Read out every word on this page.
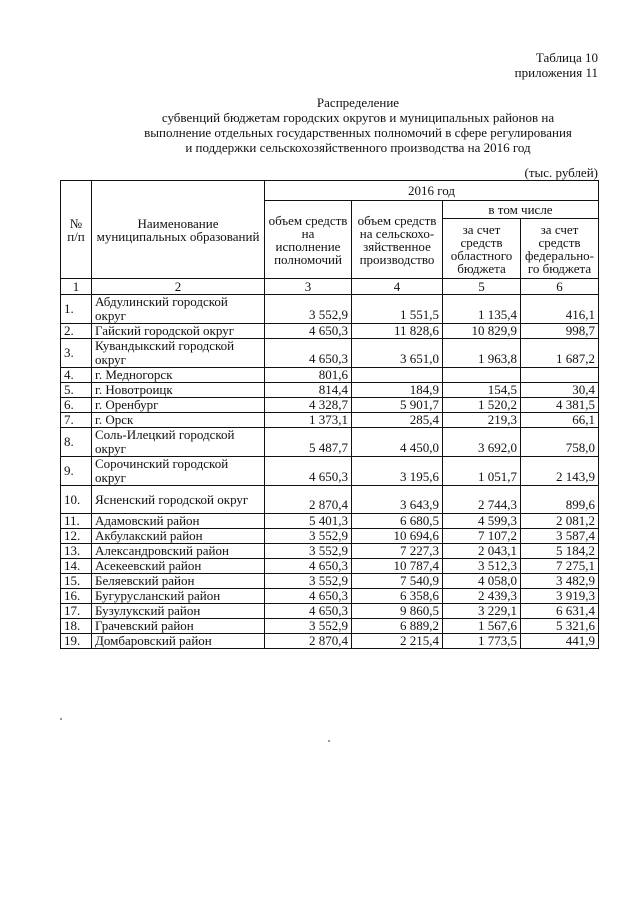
Таблица 10
приложения 11
Распределение
субвенций бюджетам городских округов и муниципальных районов на
выполнение отдельных государственных полномочий в сфере регулирования
и поддержки сельскохозяйственного производства на 2016 год
(тыс. рублей)
№ п/п	Наименование муниципальных образований	2016 год			
		объем средств на исполнение полномочий	объем средств на сельскохо-зяйственное производство	в том числе	
				за счет средств областного бюджета	за счет средств федерально-го бюджета
1	2	3	4	5	6
1.	Абдулинский городской округ	3 552,9	1 551,5	1 135,4	416,1
2.	Гайский городской округ	4 650,3	11 828,6	10 829,9	998,7
3.	Кувандыкский городской округ	4 650,3	3 651,0	1 963,8	1 687,2
4.	г. Медногорск	801,6			
5.	г. Новотроицк	814,4	184,9	154,5	30,4
6.	г. Оренбург	4 328,7	5 901,7	1 520,2	4 381,5
7.	г. Орск	1 373,1	285,4	219,3	66,1
8.	Соль-Илецкий городской округ	5 487,7	4 450,0	3 692,0	758,0
9.	Сорочинский городской округ	4 650,3	3 195,6	1 051,7	2 143,9
10.	Ясненский городской округ	2 870,4	3 643,9	2 744,3	899,6
11.	Адамовский район	5 401,3	6 680,5	4 599,3	2 081,2
12.	Акбулакский район	3 552,9	10 694,6	7 107,2	3 587,4
13.	Александровский район	3 552,9	7 227,3	2 043,1	5 184,2
14.	Асекеевский район	4 650,3	10 787,4	3 512,3	7 275,1
15.	Беляевский район	3 552,9	7 540,9	4 058,0	3 482,9
16.	Бугурусланский район	4 650,3	6 358,6	2 439,3	3 919,3
17.	Бузулукский район	4 650,3	9 860,5	3 229,1	6 631,4
18.	Грачевский район	3 552,9	6 889,2	1 567,6	5 321,6
19.	Домбаровский район	2 870,4	2 215,4	1 773,5	441,9
